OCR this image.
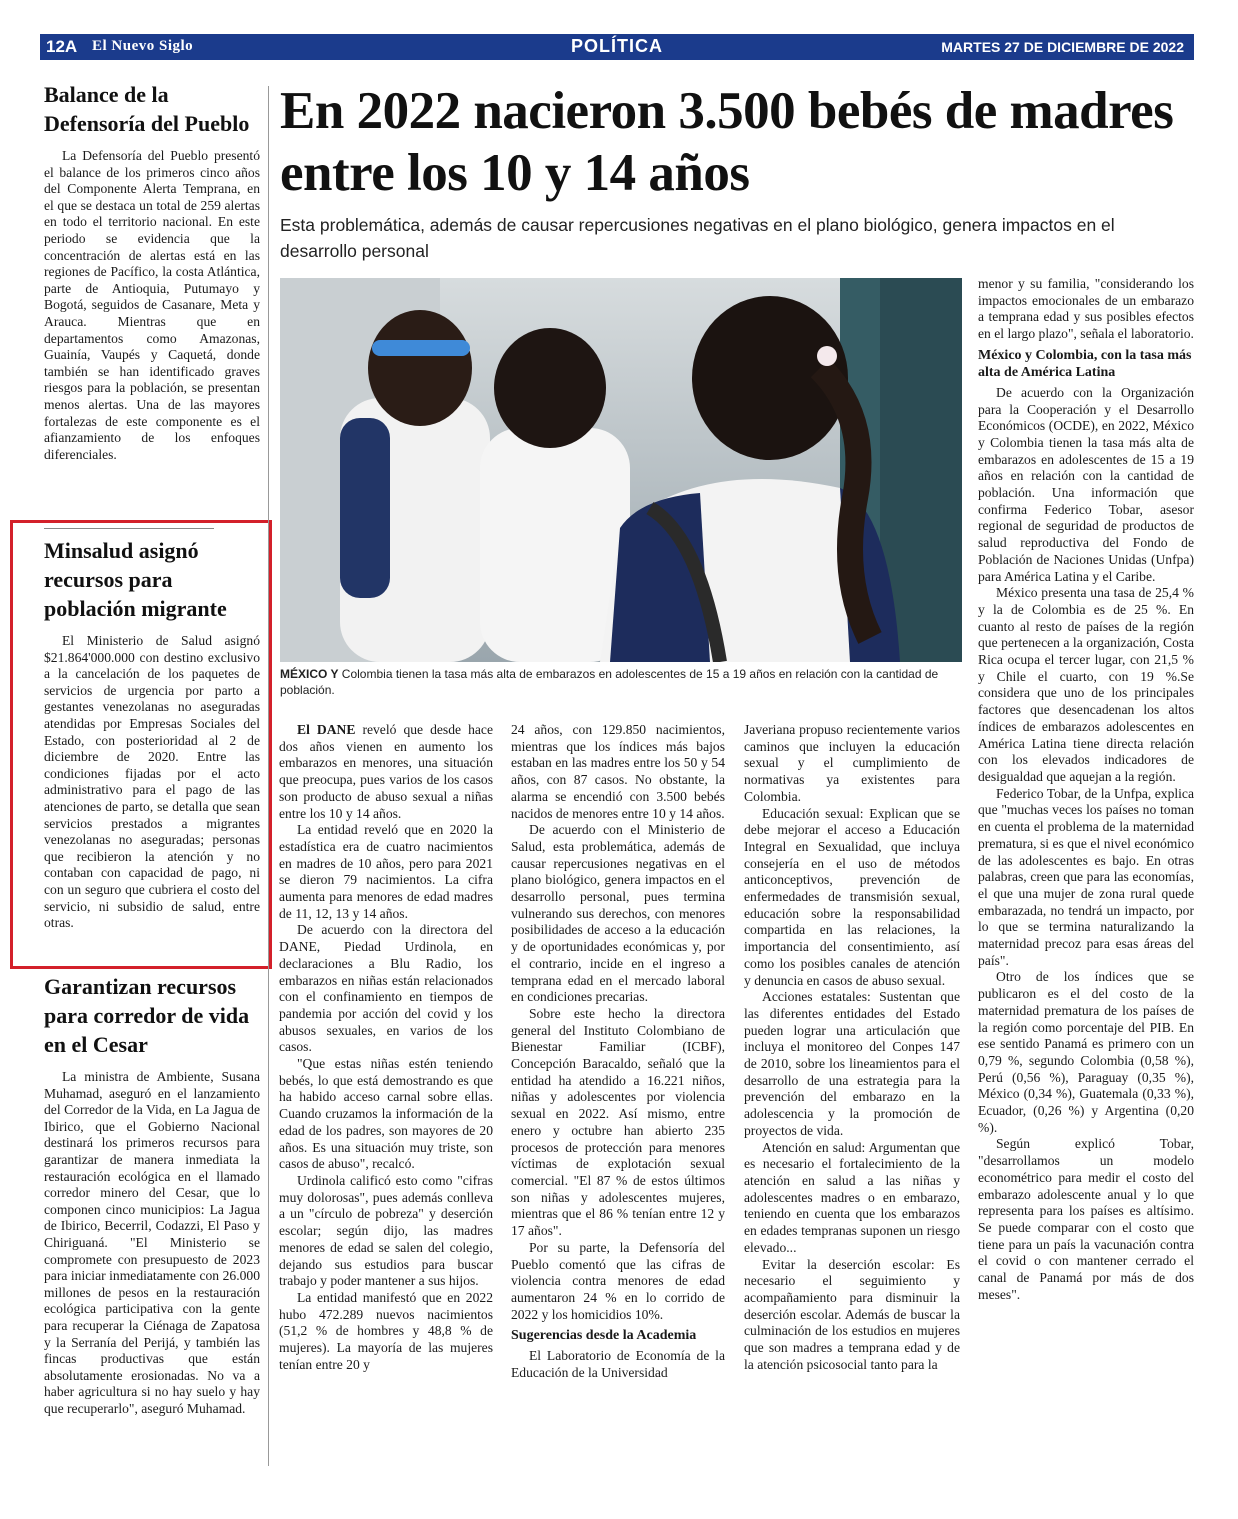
12A El Nuevo Siglo	POLÍTICA	MARTES 27 DE DICIEMBRE DE 2022
Balance de la Defensoría del Pueblo

La Defensoría del Pueblo presentó el balance de los primeros cinco años del Componente Alerta Temprana, en el que se destaca un total de 259 alertas en todo el territorio nacional. En este periodo se evidencia que la concentración de alertas está en las regiones de Pacífico, la costa Atlántica, parte de Antioquia, Putumayo y Bogotá, seguidos de Casanare, Meta y Arauca. Mientras que en departamentos como Amazonas, Guainía, Vaupés y Caquetá, donde también se han identificado graves riesgos para la población, se presentan menos alertas. Una de las mayores fortalezas de este componente es el afianzamiento de los enfoques diferenciales.

Minsalud asignó recursos para población migrante

El Ministerio de Salud asignó $21.864'000.000 con destino exclusivo a la cancelación de los paquetes de servicios de urgencia por parto a gestantes venezolanas no aseguradas atendidas por Empresas Sociales del Estado, con posterioridad al 2 de diciembre de 2020. Entre las condiciones fijadas por el acto administrativo para el pago de las atenciones de parto, se detalla que sean servicios prestados a migrantes venezolanas no aseguradas; personas que recibieron la atención y no contaban con capacidad de pago, ni con un seguro que cubriera el costo del servicio, ni subsidio de salud, entre otras.

Garantizan recursos para corredor de vida en el Cesar

La ministra de Ambiente, Susana Muhamad, aseguró en el lanzamiento del Corredor de la Vida, en La Jagua de Ibirico, que el Gobierno Nacional destinará los primeros recursos para garantizar de manera inmediata la restauración ecológica en el llamado corredor minero del Cesar, que lo componen cinco municipios: La Jagua de Ibirico, Becerril, Codazzi, El Paso y Chiriguaná. "El Ministerio se compromete con presupuesto de 2023 para iniciar inmediatamente con 26.000 millones de pesos en la restauración ecológica participativa con la gente para recuperar la Ciénaga de Zapatosa y la Serranía del Perijá, y también las fincas productivas que están absolutamente erosionadas. No va a haber agricultura si no hay suelo y hay que recuperarlo", aseguró Muhamad.

En 2022 nacieron 3.500 bebés de madres entre los 10 y 14 años
Esta problemática, además de causar repercusiones negativas en el plano biológico, genera impactos en el desarrollo personal
MÉXICO Y Colombia tienen la tasa más alta de embarazos en adolescentes de 15 a 19 años en relación con la cantidad de población.

El DANE reveló que desde hace dos años vienen en aumento los embarazos en menores, una situación que preocupa, pues varios de los casos son producto de abuso sexual a niñas entre los 10 y 14 años.

La entidad reveló que en 2020 la estadística era de cuatro nacimientos en madres de 10 años, pero para 2021 se dieron 79 nacimientos. La cifra aumenta para menores de edad madres de 11, 12, 13 y 14 años.

De acuerdo con la directora del DANE, Piedad Urdinola, en declaraciones a Blu Radio, los embarazos en niñas están relacionados con el confinamiento en tiempos de pandemia por acción del covid y los abusos sexuales, en varios de los casos.

"Que estas niñas estén teniendo bebés, lo que está demostrando es que ha habido acceso carnal sobre ellas. Cuando cruzamos la información de la edad de los padres, son mayores de 20 años. Es una situación muy triste, son casos de abuso", recalcó.

Urdinola calificó esto como "cifras muy dolorosas", pues además conlleva a un "círculo de pobreza" y deserción escolar; según dijo, las madres menores de edad se salen del colegio, dejando sus estudios para buscar trabajo y poder mantener a sus hijos.

La entidad manifestó que en 2022 hubo 472.289 nuevos nacimientos (51,2 % de hombres y 48,8 % de mujeres). La mayoría de las mujeres tenían entre 20 y

24 años, con 129.850 nacimientos, mientras que los índices más bajos estaban en las madres entre los 50 y 54 años, con 87 casos. No obstante, la alarma se encendió con 3.500 bebés nacidos de menores entre 10 y 14 años.

De acuerdo con el Ministerio de Salud, esta problemática, además de causar repercusiones negativas en el plano biológico, genera impactos en el desarrollo personal, pues termina vulnerando sus derechos, con menores posibilidades de acceso a la educación y de oportunidades económicas y, por el contrario, incide en el ingreso a temprana edad en el mercado laboral en condiciones precarias.

Sobre este hecho la directora general del Instituto Colombiano de Bienestar Familiar (ICBF), Concepción Baracaldo, señaló que la entidad ha atendido a 16.221 niños, niñas y adolescentes por violencia sexual en 2022. Así mismo, entre enero y octubre han abierto 235 procesos de protección para menores víctimas de explotación sexual comercial. "El 87 % de estos últimos son niñas y adolescentes mujeres, mientras que el 86 % tenían entre 12 y 17 años".

Por su parte, la Defensoría del Pueblo comentó que las cifras de violencia contra menores de edad aumentaron 24 % en lo corrido de 2022 y los homicidios 10%.

Sugerencias desde la Academia

El Laboratorio de Economía de la Educación de la Universidad

Javeriana propuso recientemente varios caminos que incluyen la educación sexual y el cumplimiento de normativas ya existentes para Colombia.

Educación sexual: Explican que se debe mejorar el acceso a Educación Integral en Sexualidad, que incluya consejería en el uso de métodos anticonceptivos, prevención de enfermedades de transmisión sexual, educación sobre la responsabilidad compartida en las relaciones, la importancia del consentimiento, así como los posibles canales de atención y denuncia en casos de abuso sexual.

Acciones estatales: Sustentan que las diferentes entidades del Estado pueden lograr una articulación que incluya el monitoreo del Conpes 147 de 2010, sobre los lineamientos para el desarrollo de una estrategia para la prevención del embarazo en la adolescencia y la promoción de proyectos de vida.

Atención en salud: Argumentan que es necesario el fortalecimiento de la atención en salud a las niñas y adolescentes madres o en embarazo, teniendo en cuenta que los embarazos en edades tempranas suponen un riesgo elevado...

Evitar la deserción escolar: Es necesario el seguimiento y acompañamiento para disminuir la deserción escolar. Además de buscar la culminación de los estudios en mujeres que son madres a temprana edad y de la atención psicosocial tanto para la

menor y su familia, "considerando los impactos emocionales de un embarazo a temprana edad y sus posibles efectos en el largo plazo", señala el laboratorio.

México y Colombia, con la tasa más alta de América Latina

De acuerdo con la Organización para la Cooperación y el Desarrollo Económicos (OCDE), en 2022, México y Colombia tienen la tasa más alta de embarazos en adolescentes de 15 a 19 años en relación con la cantidad de población. Una información que confirma Federico Tobar, asesor regional de seguridad de productos de salud reproductiva del Fondo de Población de Naciones Unidas (Unfpa) para América Latina y el Caribe.

México presenta una tasa de 25,4 % y la de Colombia es de 25 %. En cuanto al resto de países de la región que pertenecen a la organización, Costa Rica ocupa el tercer lugar, con 21,5 % y Chile el cuarto, con 19 %.Se considera que uno de los principales factores que desencadenan los altos índices de embarazos adolescentes en América Latina tiene directa relación con los elevados indicadores de desigualdad que aquejan a la región.

Federico Tobar, de la Unfpa, explica que "muchas veces los países no toman en cuenta el problema de la maternidad prematura, si es que el nivel económico de las adolescentes es bajo. En otras palabras, creen que para las economías, el que una mujer de zona rural quede embarazada, no tendrá un impacto, por lo que se termina naturalizando la maternidad precoz para esas áreas del país".

Otro de los índices que se publicaron es el del costo de la maternidad prematura de los países de la región como porcentaje del PIB. En ese sentido Panamá es primero con un 0,79 %, segundo Colombia (0,58 %), Perú (0,56 %), Paraguay (0,35 %), México (0,34 %), Guatemala (0,33 %), Ecuador, (0,26 %) y Argentina (0,20 %).

Según explicó Tobar, "desarrollamos un modelo econométrico para medir el costo del embarazo adolescente anual y lo que representa para los países es altísimo. Se puede comparar con el costo que tiene para un país la vacunación contra el covid o con mantener cerrado el canal de Panamá por más de dos meses".
